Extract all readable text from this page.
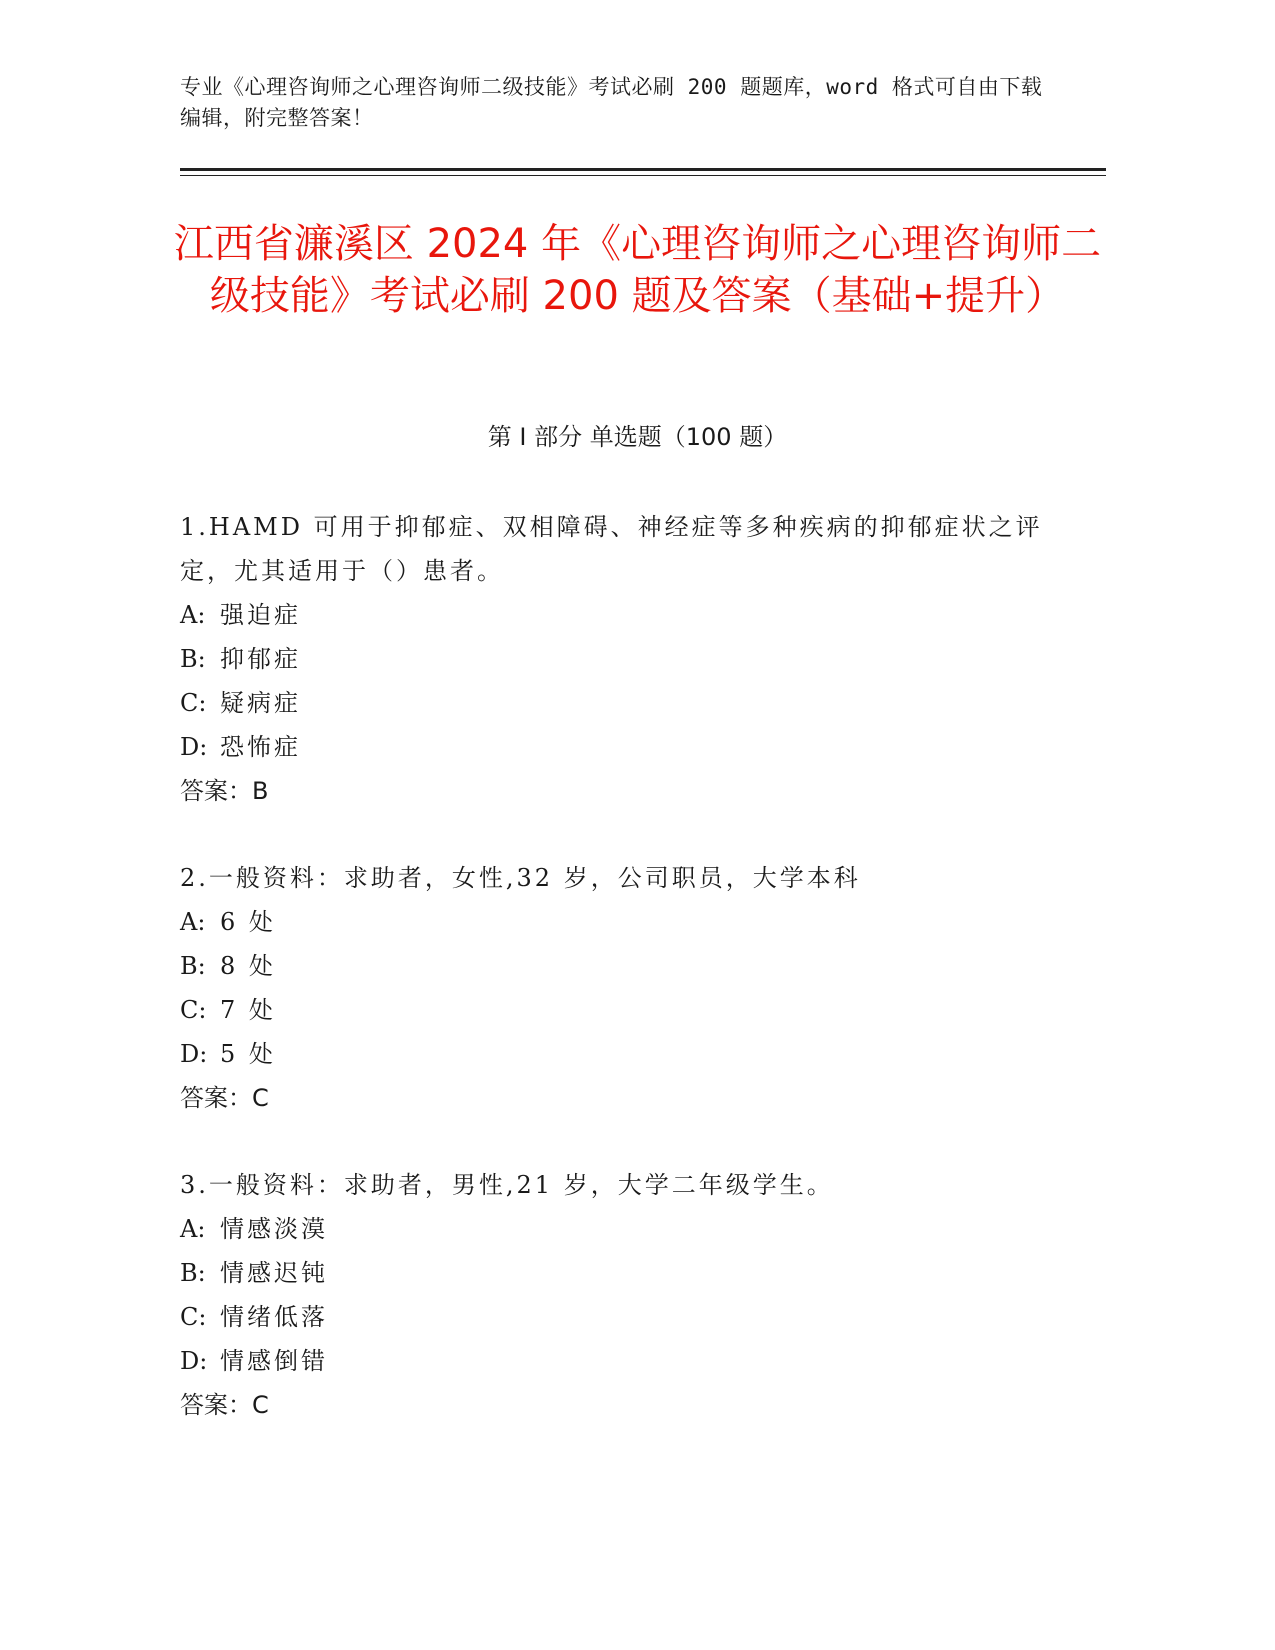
专业《心理咨询师之心理咨询师二级技能》考试必刷 200 题题库，word 格式可自由下载编辑，附完整答案！
江西省濂溪区 2024 年《心理咨询师之心理咨询师二级技能》考试必刷 200 题及答案（基础+提升）
第 I 部分 单选题（100 题）

1.HAMD 可用于抑郁症、双相障碍、神经症等多种疾病的抑郁症状之评定，尤其适用于（）患者。

A: 强迫症

B: 抑郁症

C: 疑病症

D: 恐怖症

答案：B

2.一般资料：求助者，女性,32 岁，公司职员，大学本科

A: 6 处

B: 8 处

C: 7 处

D: 5 处

答案：C

3.一般资料：求助者，男性,21 岁，大学二年级学生。

A: 情感淡漠

B: 情感迟钝

C: 情绪低落

D: 情感倒错

答案：C
